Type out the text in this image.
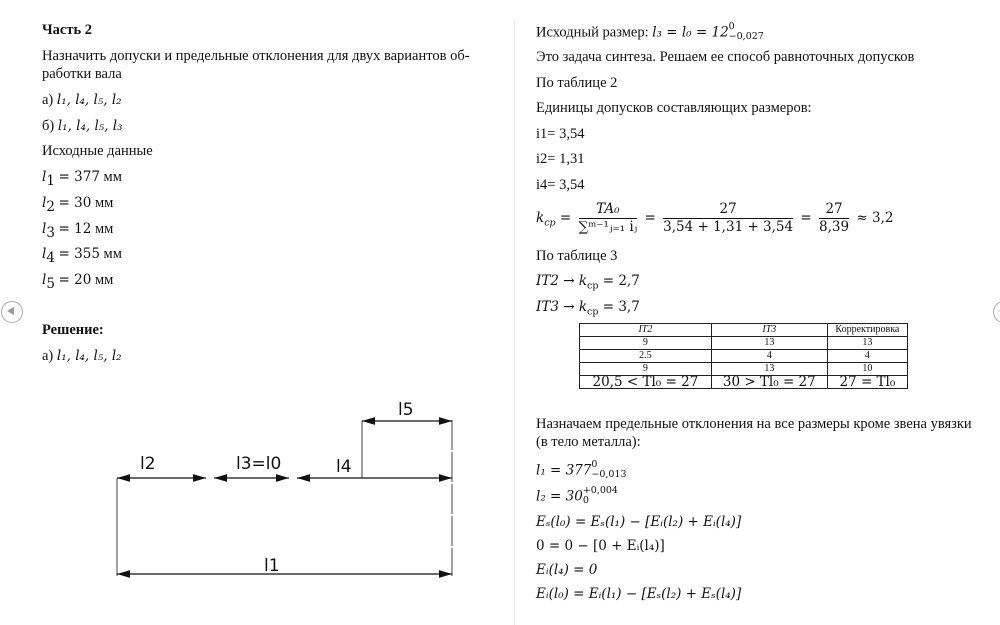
Часть 2
Назначить допуски и предельные отклонения для двух вариантов об-
работки вала
а) l₁, l₄, l₅, l₂
б) l₁, l₄, l₅, l₃
Исходные данные
$l_1 = 377$ мм
$l_2 = 30$ мм
$l_3 = 12$ мм
$l_4 = 355$ мм
$l_5 = 20$ мм
Решение:
а) l₁, l₄, l₅, l₂
l2	l3=l0	l4
l5
l1
Исходный размер: l₃ = l₀ = 12 0
−0,027
Это задача синтеза. Решаем ее способ равноточных допусков
По таблице 2
Единицы допусков составляющих размеров:
i1= 3,54
i2= 1,31
i4= 3,54
$k_{ср} = \frac{\text{TA₀}}{\text{∑ᵐ⁻¹ⱼ₌₁ iⱼ}} = \frac{27}{3,54 + 1,31 + 3,54} = \frac{27}{8,39} \approx 3,2$
По таблице 3
$IT2 \to k_{ср} = 2,7$
$IT3 \to k_{ср} = 3,7$
IT2	IT3	Корректировка
9	13	13
2.5	4	4
9	13	10
20,5 < Tl₀ = 27	30 > Tl₀ = 27	27 = Tl₀
Назначаем предельные отклонения на все размеры кроме звена увязки
(в тело металла):
l₁ = 377 0
−0,013
l₂ = 30 +0,004
0
Eₛ(l₀) = Eₛ(l₁) − [Eᵢ(l₂) + Eᵢ(l₄)]
0 = 0 − [0 + Eᵢ(l₄)]
Eᵢ(l₄) = 0
Eᵢ(l₀) = Eᵢ(l₁) − [Eₛ(l₂) + Eₛ(l₄)]
